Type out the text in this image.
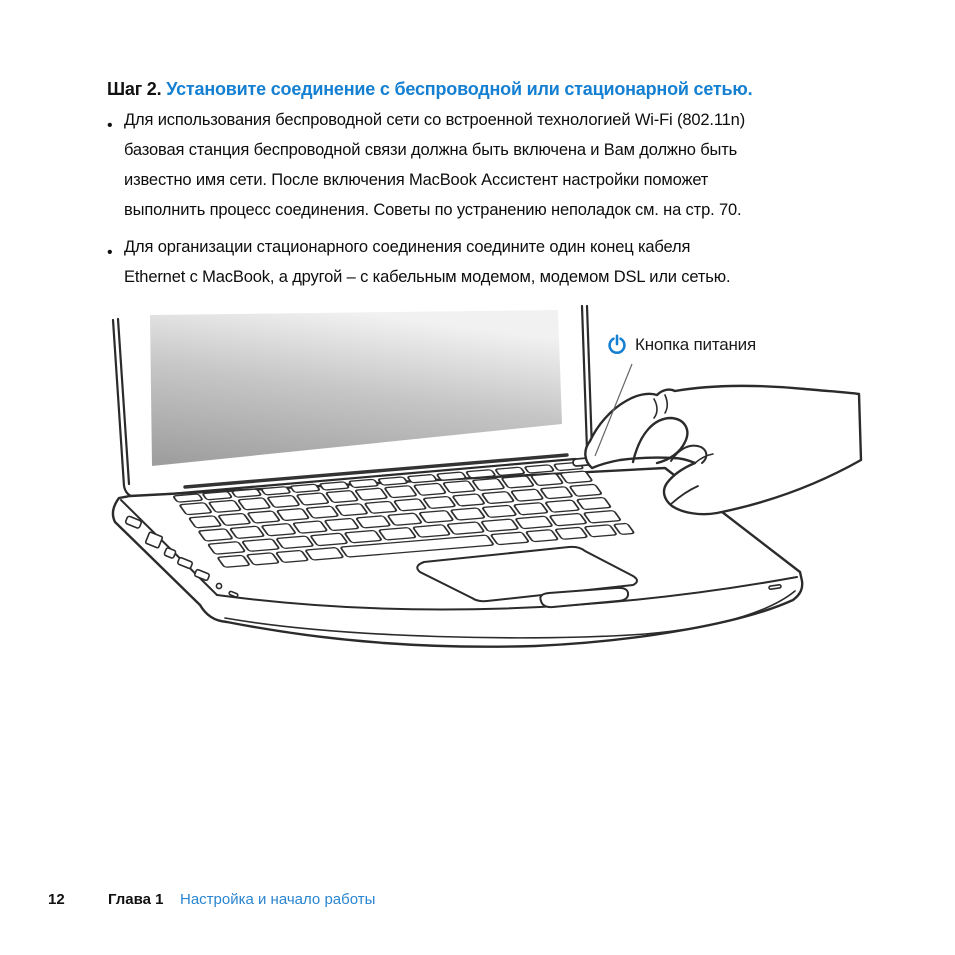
Шаг 2. Установите соединение с беспроводной или стационарной сетью.
• Для использования беспроводной сети со встроенной технологией Wi-Fi (802.11n)
базовая станция беспроводной связи должна быть включена и Вам должно быть
известно имя сети. После включения MacBook Ассистент настройки поможет
выполнить процесс соединения. Советы по устранению неполадок см. на стр. 70.
• Для организации стационарного соединения соедините один конец кабеля
Ethernet с MacBook, а другой – с кабельным модемом, модемом DSL или сетью.
Кнопка питания
12	Глава 1 Настройка и начало работы
